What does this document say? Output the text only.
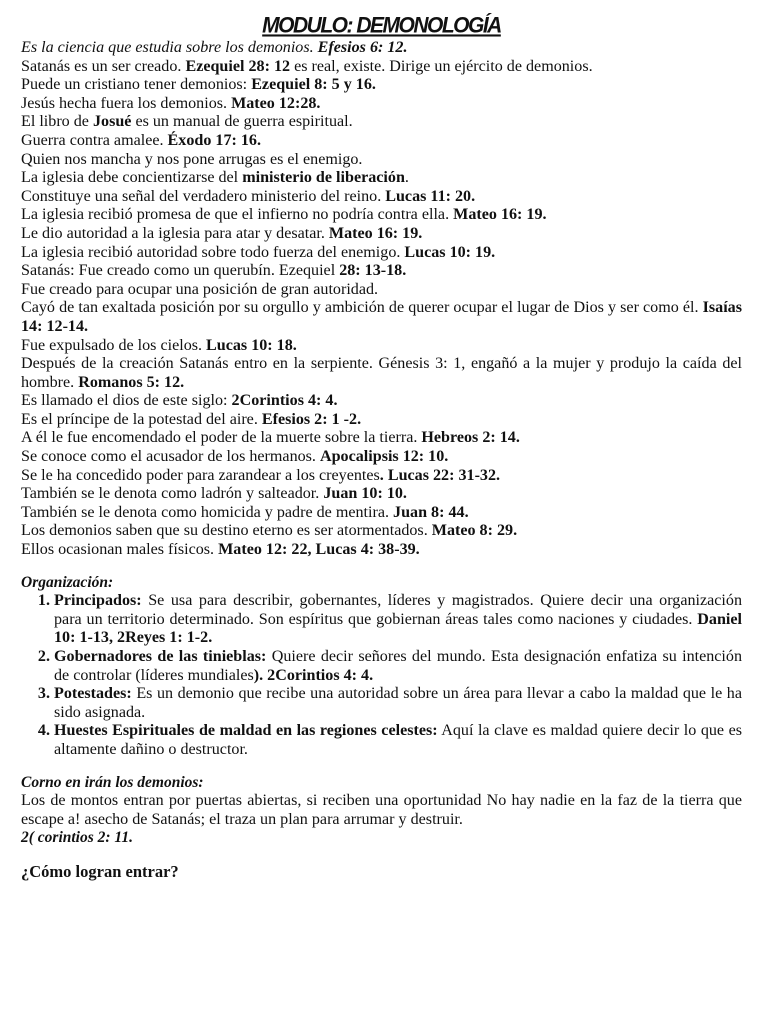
MODULO: DEMONOLOGÍA

Es la ciencia que estudia sobre los demonios. Efesios 6: 12.

Satanás es un ser creado. Ezequiel 28: 12 es real, existe. Dirige un ejército de demonios.

Puede un cristiano tener demonios: Ezequiel 8: 5 y 16.

Jesús hecha fuera los demonios. Mateo 12:28.

El libro de Josué es un manual de guerra espiritual.

Guerra contra amalee. Éxodo 17: 16.

Quien nos mancha y nos pone arrugas es el enemigo.

La iglesia debe concientizarse del ministerio de liberación.

Constituye una señal del verdadero ministerio del reino. Lucas 11: 20.

La iglesia recibió promesa de que el infierno no podría contra ella. Mateo 16: 19.

Le dio autoridad a la iglesia para atar y desatar. Mateo 16: 19.

La iglesia recibió autoridad sobre todo fuerza del enemigo. Lucas 10: 19.

Satanás: Fue creado como un querubín. Ezequiel 28: 13-18.

Fue creado para ocupar una posición de gran autoridad.

Cayó de tan exaltada posición por su orgullo y ambición de querer ocupar el lugar de Dios y ser como él. Isaías 14: 12-14.

Fue expulsado de los cielos. Lucas 10: 18.

Después de la creación Satanás entro en la serpiente. Génesis 3: 1, engañó a la mujer y produjo la caída del hombre. Romanos 5: 12.

Es llamado el dios de este siglo: 2Corintios 4: 4.

Es el príncipe de la potestad del aire. Efesios 2: 1 -2.

A él le fue encomendado el poder de la muerte sobre la tierra. Hebreos 2: 14.

Se conoce como el acusador de los hermanos. Apocalipsis 12: 10.

Se le ha concedido poder para zarandear a los creyentes. Lucas 22: 31-32.

También se le denota como ladrón y salteador. Juan 10: 10.

También se le denota como homicida y padre de mentira. Juan 8: 44.

Los demonios saben que su destino eterno es ser atormentados. Mateo 8: 29.

Ellos ocasionan males físicos. Mateo 12: 22, Lucas 4: 38-39.

Organización:

1. Principados: Se usa para describir, gobernantes, líderes y magistrados. Quiere decir una organización para un territorio determinado. Son espíritus que gobiernan áreas tales como naciones y ciudades. Daniel 10: 1-13, 2Reyes 1: 1-2.
2. Gobernadores de las tinieblas: Quiere decir señores del mundo. Esta designación enfatiza su intención de controlar (líderes mundiales). 2Corintios 4: 4.
3. Potestades: Es un demonio que recibe una autoridad sobre un área para llevar a cabo la maldad que le ha sido asignada.
4. Huestes Espirituales de maldad en las regiones celestes: Aquí la clave es maldad quiere decir lo que es altamente dañino o destructor.

Corno en irán los demonios:

Los de montos entran por puertas abiertas, si reciben una oportunidad No hay nadie en la faz de la tierra que escape a! asecho de Satanás; el traza un plan para arrumar y destruir.

2( corintios 2: 11.

¿Cómo logran entrar?
